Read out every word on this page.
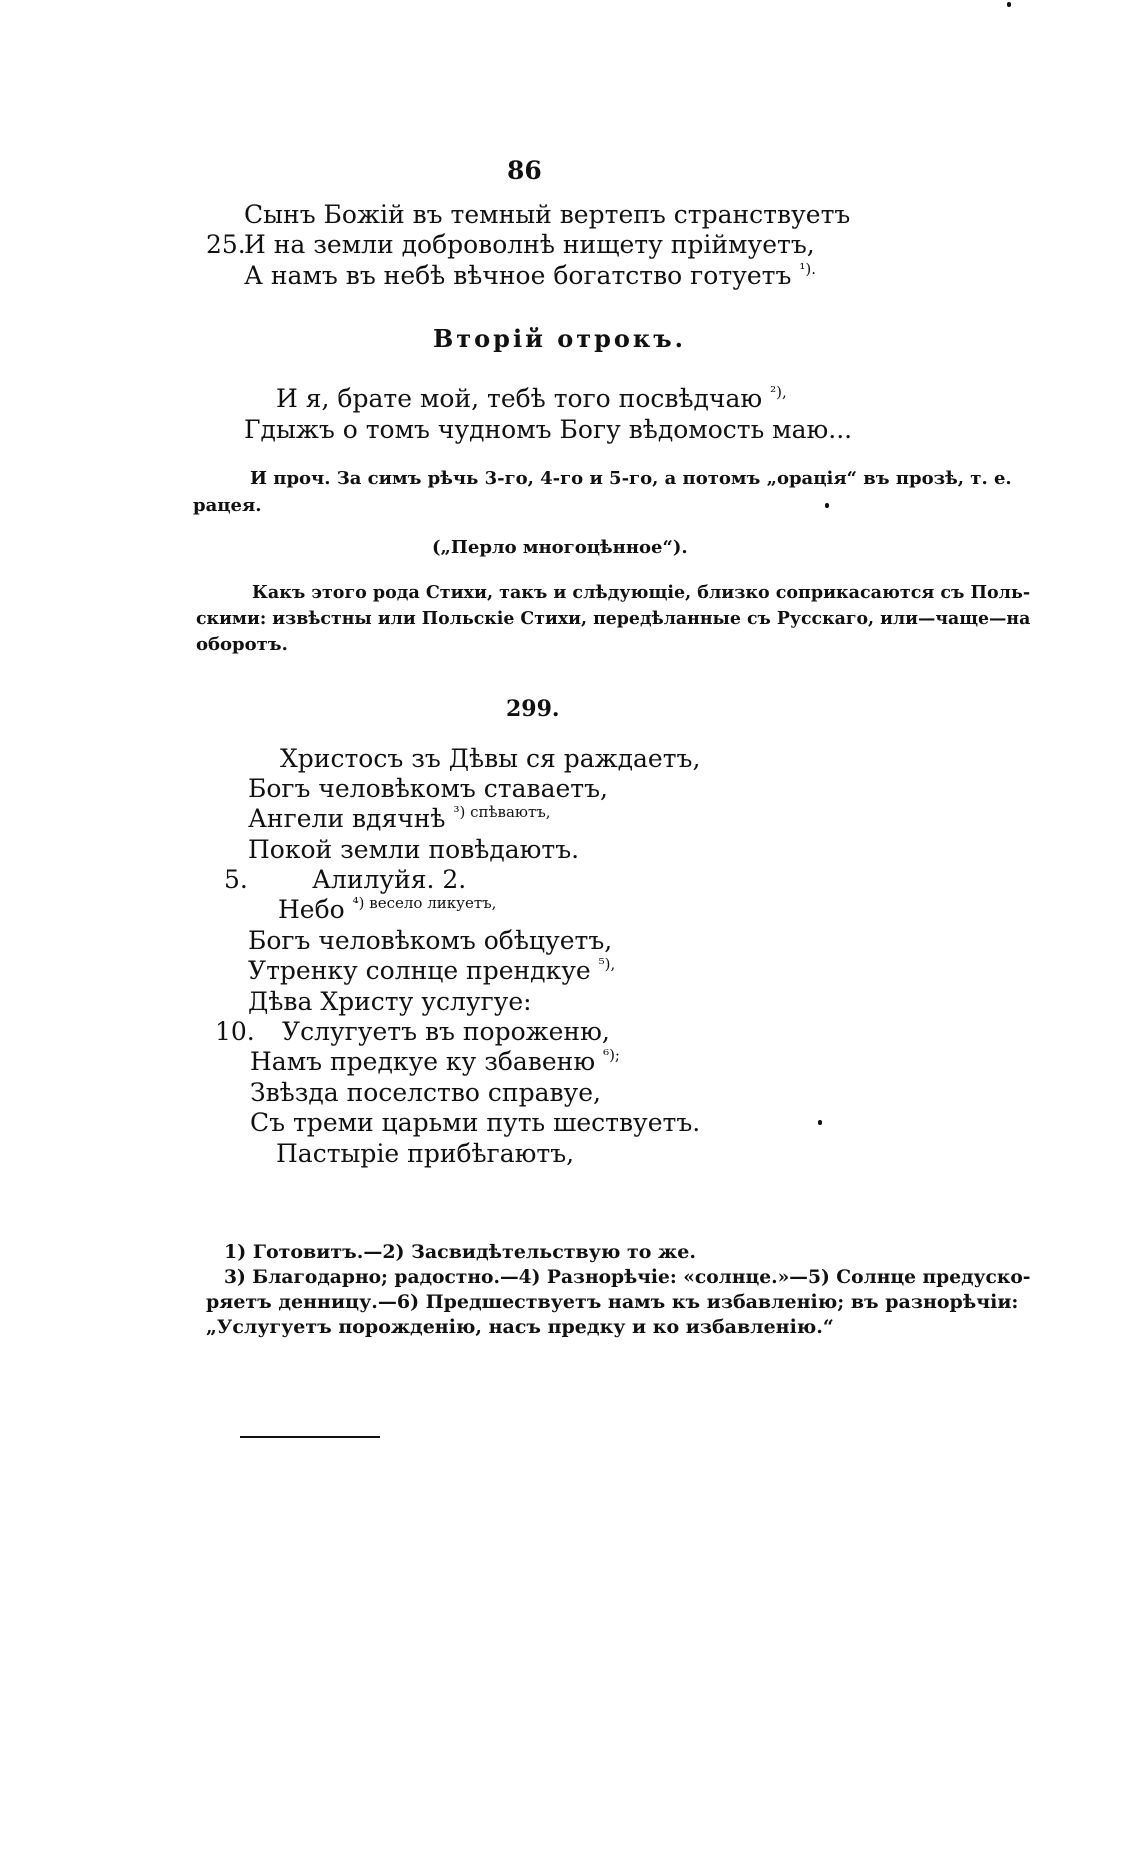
86
Сынъ Божій въ темный вертепъ странствуетъ
25.
И на земли доброволнѣ нищету пріймуетъ,
А намъ въ небѣ вѣчное богатство готуетъ $^{^1).}$
Вторій отрокъ.
И я, брате мой, тебѣ того посвѣдчаю $^{^2),}$
Гдыжъ о томъ чудномъ Богу вѣдомость маю...
И проч. За симъ рѣчь 3-го, 4-го и 5-го, а потомъ „орація“ въ прозѣ, т. е.
рацея.
(„Перло многоцѣнное“).
Какъ этого рода Стихи, такъ и слѣдующіе, близко соприкасаются съ Поль-
скими: извѣстны или Польскіе Стихи, передѣланные съ Русскаго, или—чаще—на
оборотъ.
299.
Христосъ зъ Дѣвы ся раждаетъ,
Богъ человѣкомъ ставаетъ,
Ангели вдячнѣ $^{^3) спѣваютъ,}$
Покой земли повѣдаютъ.
5.	Алилуйя. 2.
Небо $^{^4) весело ликуетъ,}$
Богъ человѣкомъ обѣцуетъ,
Утренку солнце прендкуе $^{^5),}$
Дѣва Христу услугуе:
10. Услугуетъ въ пороженю,
Намъ предкуе ку збавеню $^{^6);}$
Звѣзда поселство справуе,
Съ треми царьми путь шествуетъ.
Пастыріе прибѣгаютъ,
1) Готовитъ.—2) Засвидѣтельствую то же.
3) Благодарно; радостно.—4) Разнорѣчіе: «солнце.»—5) Солнце предуско-
ряетъ денницу.—6) Предшествуетъ намъ къ избавленію; въ разнорѣчіи:
„Услугуетъ порожденію, насъ предку и ко избавленію.“
